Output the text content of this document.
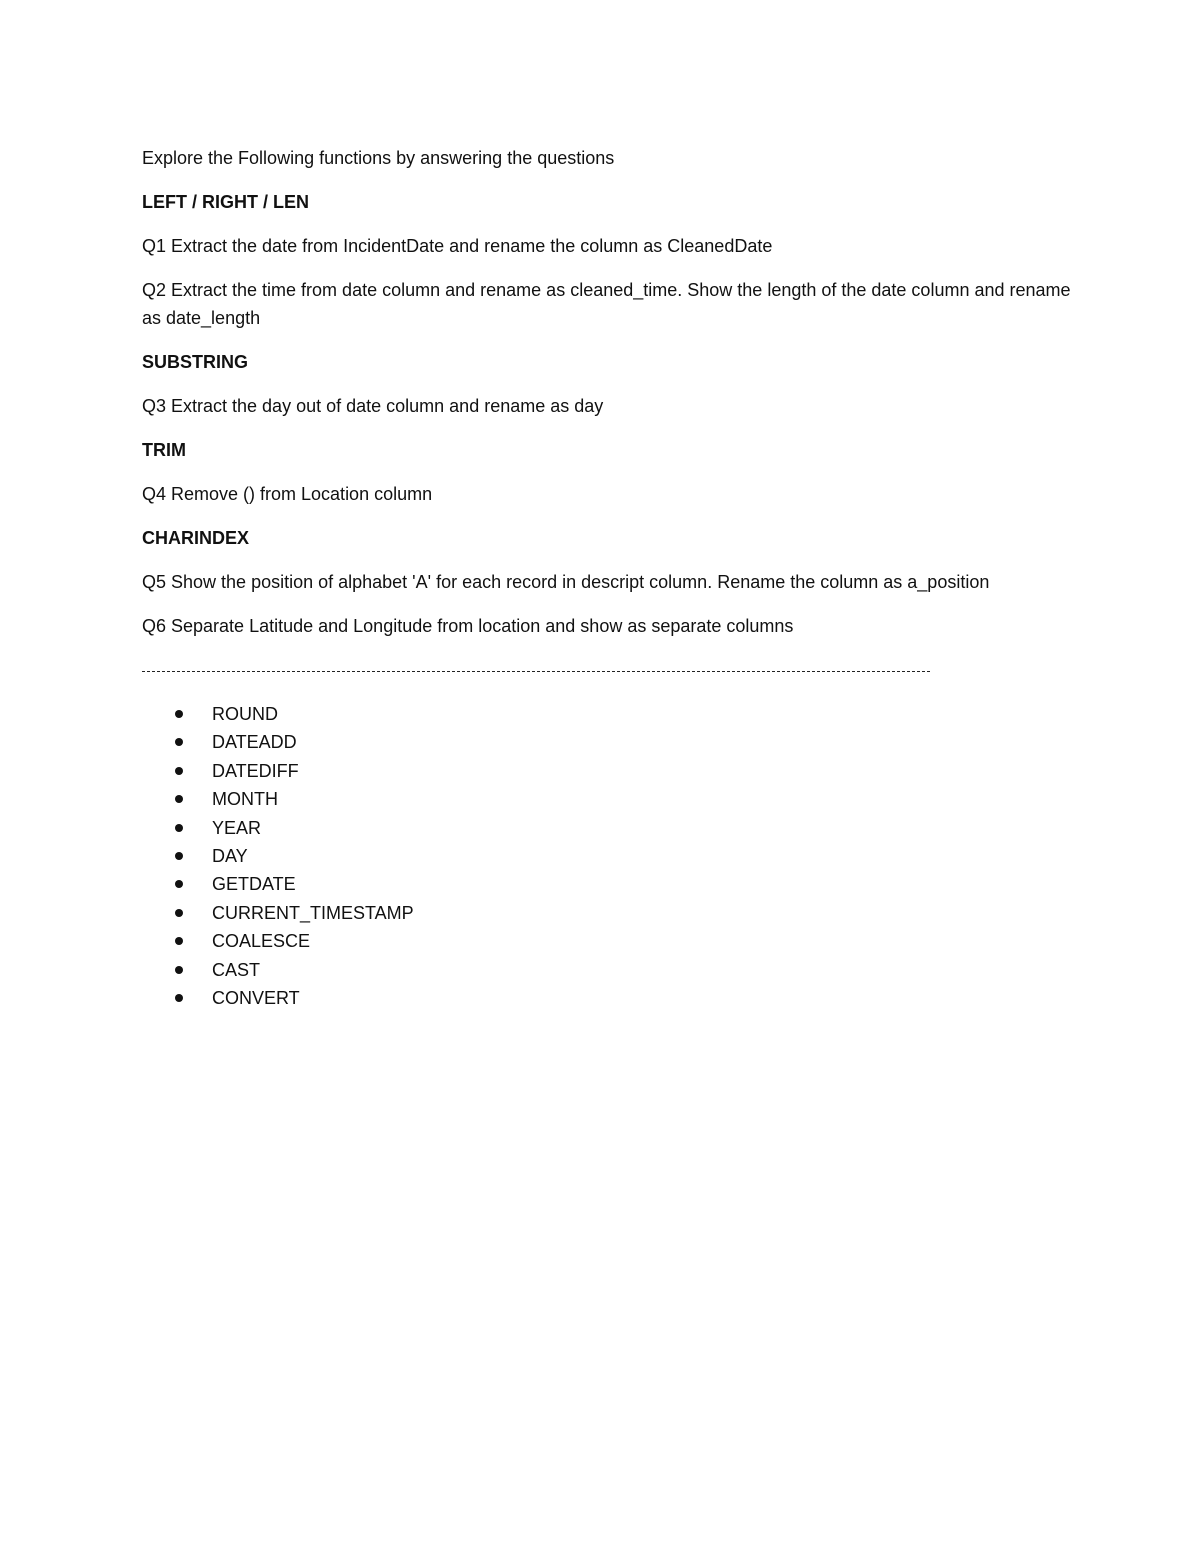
Explore the Following functions by answering the questions

LEFT / RIGHT / LEN

Q1 Extract the date from IncidentDate and rename the column as CleanedDate

Q2 Extract the time from date column and rename as cleaned_time. Show the length of the date column and rename as date_length

SUBSTRING

Q3 Extract the day out of date column and rename as day

TRIM

Q4 Remove () from Location column

CHARINDEX

Q5 Show the position of alphabet 'A' for each record in descript column. Rename the column as a_position

Q6 Separate Latitude and Longitude from location and show as separate columns

ROUND
DATEADD
DATEDIFF
MONTH
YEAR
DAY
GETDATE
CURRENT_TIMESTAMP
COALESCE
CAST
CONVERT
